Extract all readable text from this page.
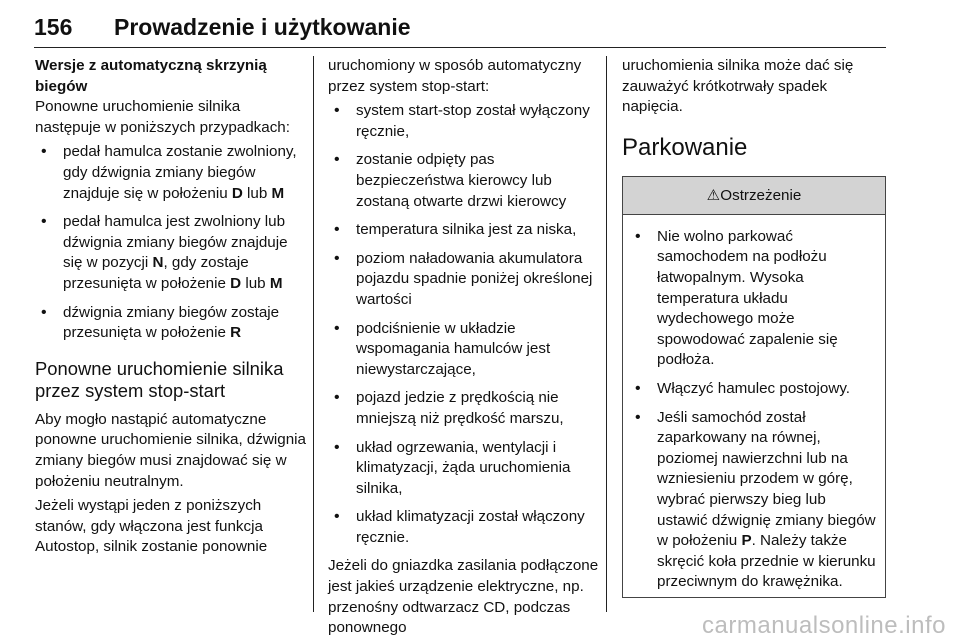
156 Prowadzenie i użytkowanie
Wersje z automatyczną skrzynią biegów

Ponowne uruchomienie silnika następuje w poniższych przypadkach:

• pedał hamulca zostanie zwolniony, gdy dźwignia zmiany biegów znajduje się w położeniu D lub M
• pedał hamulca jest zwolniony lub dźwignia zmiany biegów znajduje się w pozycji N, gdy zostaje przesunięta w położenie D lub M
• dźwignia zmiany biegów zostaje przesunięta w położenie R
Ponowne uruchomienie silnika przez system stop-start

Aby mogło nastąpić automatyczne ponowne uruchomienie silnika, dźwignia zmiany biegów musi znajdować się w położeniu neutralnym.

Jeżeli wystąpi jeden z poniższych stanów, gdy włączona jest funkcja Autostop, silnik zostanie ponownie

uruchomiony w sposób automatyczny przez system stop-start:

• system start-stop został wyłączony ręcznie,
• zostanie odpięty pas bezpieczeństwa kierowcy lub zostaną otwarte drzwi kierowcy
• temperatura silnika jest za niska,
• poziom naładowania akumulatora pojazdu spadnie poniżej określonej wartości
• podciśnienie w układzie wspomagania hamulców jest niewystarczające,
• pojazd jedzie z prędkością nie mniejszą niż prędkość marszu,
• układ ogrzewania, wentylacji i klimatyzacji, żąda uruchomienia silnika,
• układ klimatyzacji został włączony ręcznie.

Jeżeli do gniazdka zasilania podłączone jest jakieś urządzenie elektryczne, np. przenośny odtwarzacz CD, podczas ponownego

uruchomienia silnika może dać się zauważyć krótkotrwały spadek napięcia.

Parkowanie
⚠Ostrzeżenie
• Nie wolno parkować samochodem na podłożu łatwopalnym. Wysoka temperatura układu wydechowego może spowodować zapalenie się podłoża.
• Włączyć hamulec postojowy.
• Jeśli samochód został zaparkowany na równej, poziomej nawierzchni lub na wzniesieniu przodem w górę, wybrać pierwszy bieg lub ustawić dźwignię zmiany biegów w położeniu P. Należy także skręcić koła przednie w kierunku przeciwnym do krawężnika.
carmanualsonline.info
